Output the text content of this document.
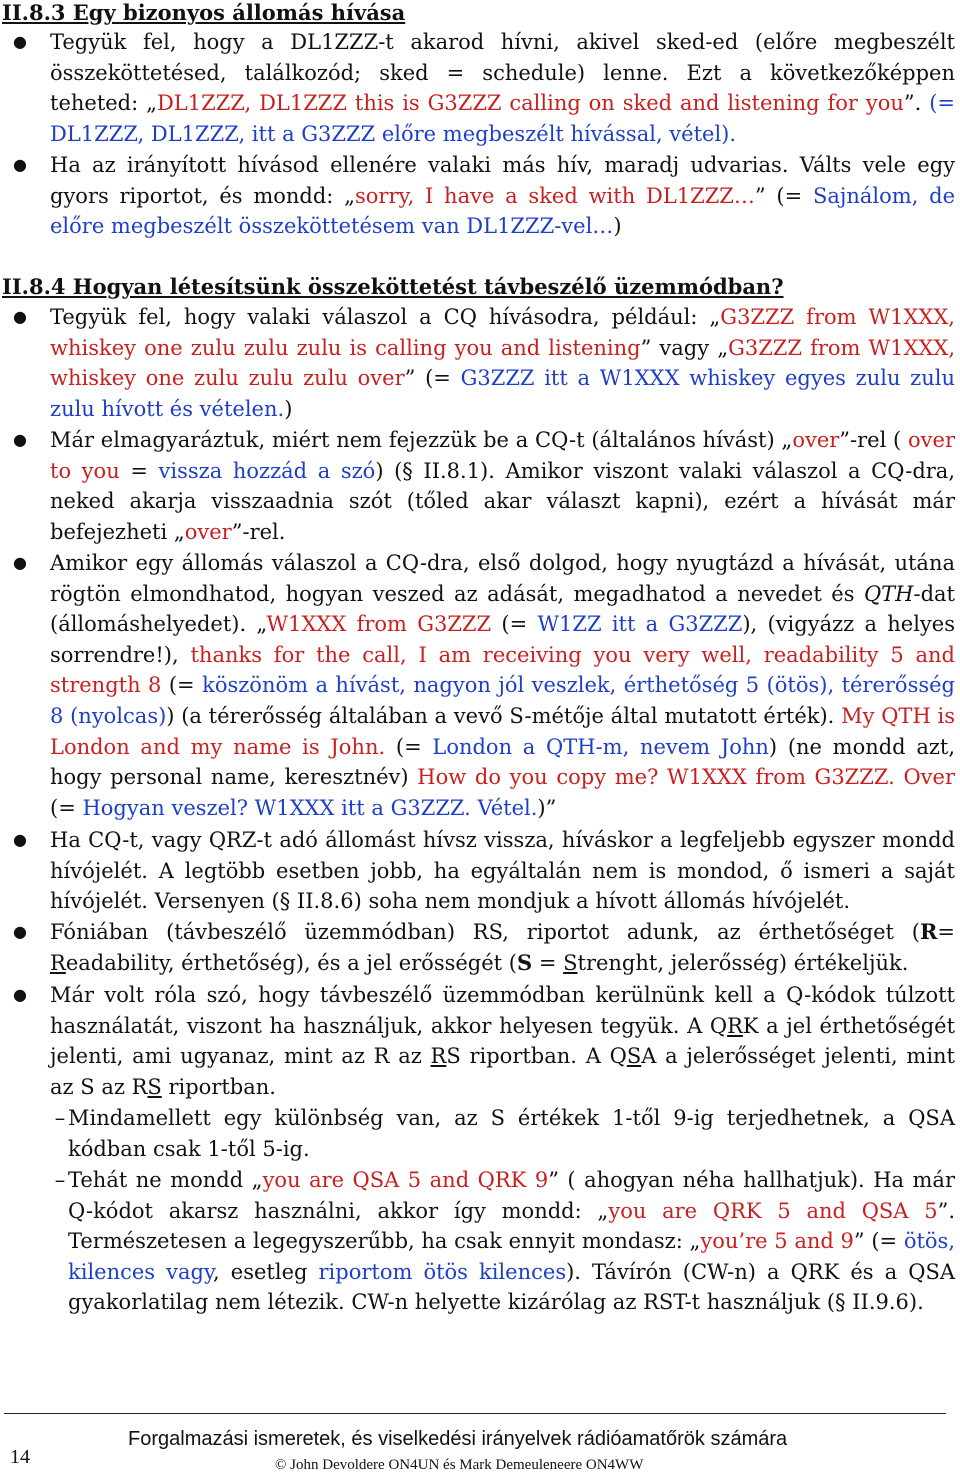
II.8.3 Egy bizonyos állomás hívása
● Tegyük fel, hogy a DL1ZZZ-t akarod hívni, akivel sked-ed (előre megbeszélt összeköttetésed, találkozód; sked = schedule) lenne. Ezt a következőképpen teheted: „DL1ZZZ, DL1ZZZ this is G3ZZZ calling on sked and listening for you”. (= DL1ZZZ, DL1ZZZ, itt a G3ZZZ előre megbeszélt hívással, vétel).
● Ha az irányított hívásod ellenére valaki más hív, maradj udvarias. Válts vele egy gyors riportot, és mondd: „sorry, I have a sked with DL1ZZZ…” (= Sajnálom, de előre megbeszélt összeköttetésem van DL1ZZZ-vel…)
II.8.4 Hogyan létesítsünk összeköttetést távbeszélő üzemmódban?
● Tegyük fel, hogy valaki válaszol a CQ hívásodra, például: „G3ZZZ from W1XXX, whiskey one zulu zulu zulu is calling you and listening” vagy „G3ZZZ from W1XXX, whiskey one zulu zulu zulu over” (= G3ZZZ itt a W1XXX whiskey egyes zulu zulu zulu hívott és vételen.)
● Már elmagyaráztuk, miért nem fejezzük be a CQ-t (általános hívást) „over”-rel ( over to you = vissza hozzád a szó) (§ II.8.1). Amikor viszont valaki válaszol a CQ-dra, neked akarja visszaadnia szót (tőled akar választ kapni), ezért a hívását már befejezheti „over”-rel.
● Amikor egy állomás válaszol a CQ-dra, első dolgod, hogy nyugtázd a hívását, utána rögtön elmondhatod, hogyan veszed az adását, megadhatod a nevedet és QTH-dat (állomáshelyedet). „W1XXX from G3ZZZ (= W1ZZ itt a G3ZZZ), (vigyázz a helyes sorrendre!), thanks for the call, I am receiving you very well, readability 5 and strength 8 (= köszönöm a hívást, nagyon jól veszlek, érthetőség 5 (ötös), térerősség 8 (nyolcas)) (a térerősség általában a vevő S-métője által mutatott érték). My QTH is London and my name is John. (= London a QTH-m, nevem John) (ne mondd azt, hogy personal name, keresztnév) How do you copy me? W1XXX from G3ZZZ. Over (= Hogyan veszel? W1XXX itt a G3ZZZ. Vétel.)”
● Ha CQ-t, vagy QRZ-t adó állomást hívsz vissza, híváskor a legfeljebb egyszer mondd hívójelét. A legtöbb esetben jobb, ha egyáltalán nem is mondod, ő ismeri a saját hívójelét. Versenyen (§ II.8.6) soha nem mondjuk a hívott állomás hívójelét.
● Fóniában (távbeszélő üzemmódban) RS, riportot adunk, az érthetőséget (R= Readability, érthetőség), és a jel erősségét (S = Strenght, jelerősség) értékeljük.
● Már volt róla szó, hogy távbeszélő üzemmódban kerülnünk kell a Q-kódok túlzott használatát, viszont ha használjuk, akkor helyesen tegyük. A QRK a jel érthetőségét jelenti, ami ugyanaz, mint az R az RS riportban. A QSA a jelerősséget jelenti, mint az S az RS riportban.
– Mindamellett egy különbség van, az S értékek 1-től 9-ig terjedhetnek, a QSA kódban csak 1-től 5-ig.
– Tehát ne mondd „you are QSA 5 and QRK 9” ( ahogyan néha hallhatjuk). Ha már Q-kódot akarsz használni, akkor így mondd: „you are QRK 5 and QSA 5”. Természetesen a legegyszerűbb, ha csak ennyit mondasz: „you’re 5 and 9” (= ötös, kilences vagy, esetleg riportom ötös kilences). Távírón (CW-n) a QRK és a QSA gyakorlatilag nem létezik. CW-n helyette kizárólag az RST-t használjuk (§ II.9.6).
14
Forgalmazási ismeretek, és viselkedési irányelvek rádióamatőrök számára
© John Devoldere ON4UN és Mark Demeuleneere ON4WW
